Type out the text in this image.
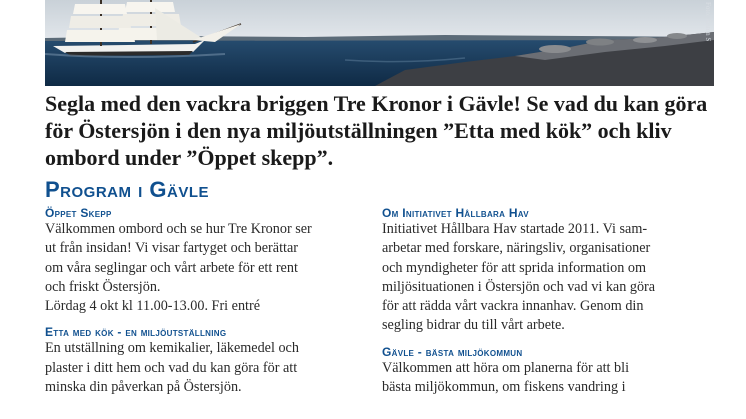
Foto: Anton S

Segla med den vackra briggen Tre Kronor i Gävle! Se vad du kan göra för Östersjön i den nya miljöutställningen ”Etta med kök” och kliv ombord under ”Öppet skepp”.

Program i Gävle
Öppet Skepp

Välkommen ombord och se hur Tre Kronor ser
ut från insidan! Vi visar fartyget och berättar
om våra seglingar och vårt arbete för ett rent
och friskt Östersjön.
Lördag 4 okt kl 11.00-13.00. Fri entré

Etta med kök - en miljöutställning

En utställning om kemikalier, läkemedel och
plaster i ditt hem och vad du kan göra för att
minska din påverkan på Östersjön.

Om Initiativet Hållbara Hav

Initiativet Hållbara Hav startade 2011. Vi sam-
arbetar med forskare, näringsliv, organisationer
och myndigheter för att sprida information om
miljösituationen i Östersjön och vad vi kan göra
för att rädda vårt vackra innanhav. Genom din
segling bidrar du till vårt arbete.

Gävle - bästa miljökommun

Välkommen att höra om planerna för att bli
bästa miljökommun, om fiskens vandring i
